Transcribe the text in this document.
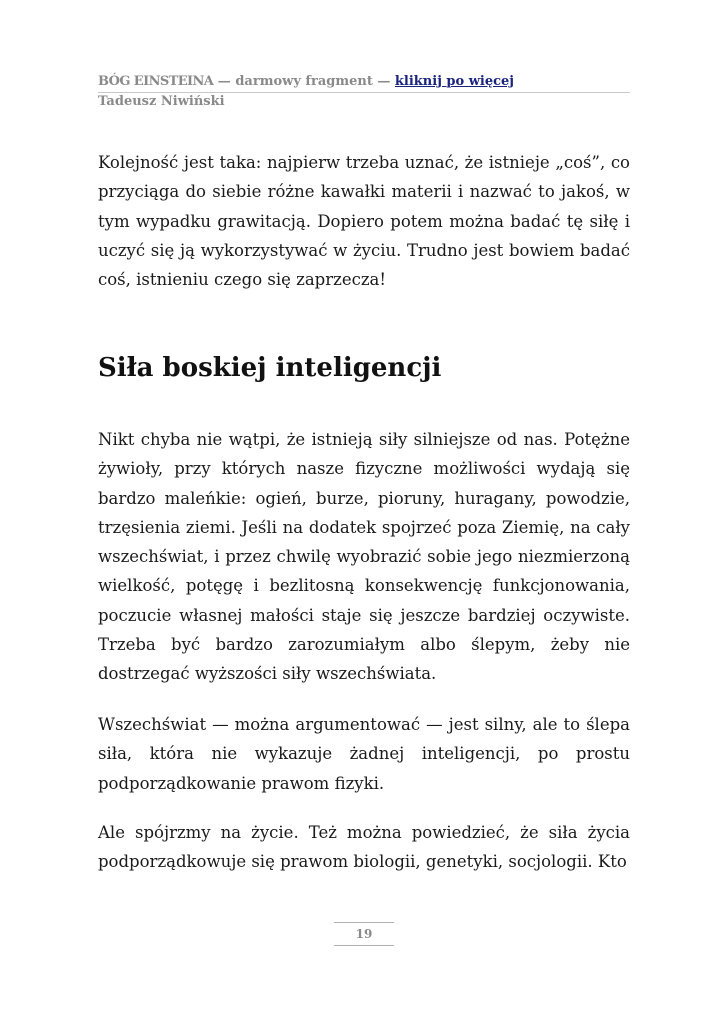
BÓG EINSTEINA — darmowy fragment — kliknij po więcej
Tadeusz Niwiński

Kolejność jest taka: najpierw trzeba uznać, że istnieje „coś”, co przyciąga do siebie różne kawałki materii i nazwać to jakoś, w tym wypadku grawitacją. Dopiero potem można badać tę siłę i uczyć się ją wykorzystywać w życiu. Trudno jest bowiem badać coś, istnieniu czego się zaprzecza!

Siła boskiej inteligencji

Nikt chyba nie wątpi, że istnieją siły silniejsze od nas. Potężne żywioły, przy których nasze fizyczne możliwości wydają się bardzo maleńkie: ogień, burze, pioruny, huragany, powodzie, trzęsienia ziemi. Jeśli na dodatek spojrzeć poza Ziemię, na cały wszechświat, i przez chwilę wyobrazić sobie jego niezmierzoną wielkość, potęgę i bezlitosną konsekwencję funkcjonowania, poczucie własnej małości staje się jeszcze bardziej oczywiste. Trzeba być bardzo zarozumiałym albo ślepym, żeby nie dostrzegać wyższości siły wszechświata.

Wszechświat — można argumentować — jest silny, ale to ślepa siła, która nie wykazuje żadnej inteligencji, po prostu podporządkowanie prawom fizyki.

Ale spójrzmy na życie. Też można powiedzieć, że siła życia podporządkowuje się prawom biologii, genetyki, socjologii. Kto

19
